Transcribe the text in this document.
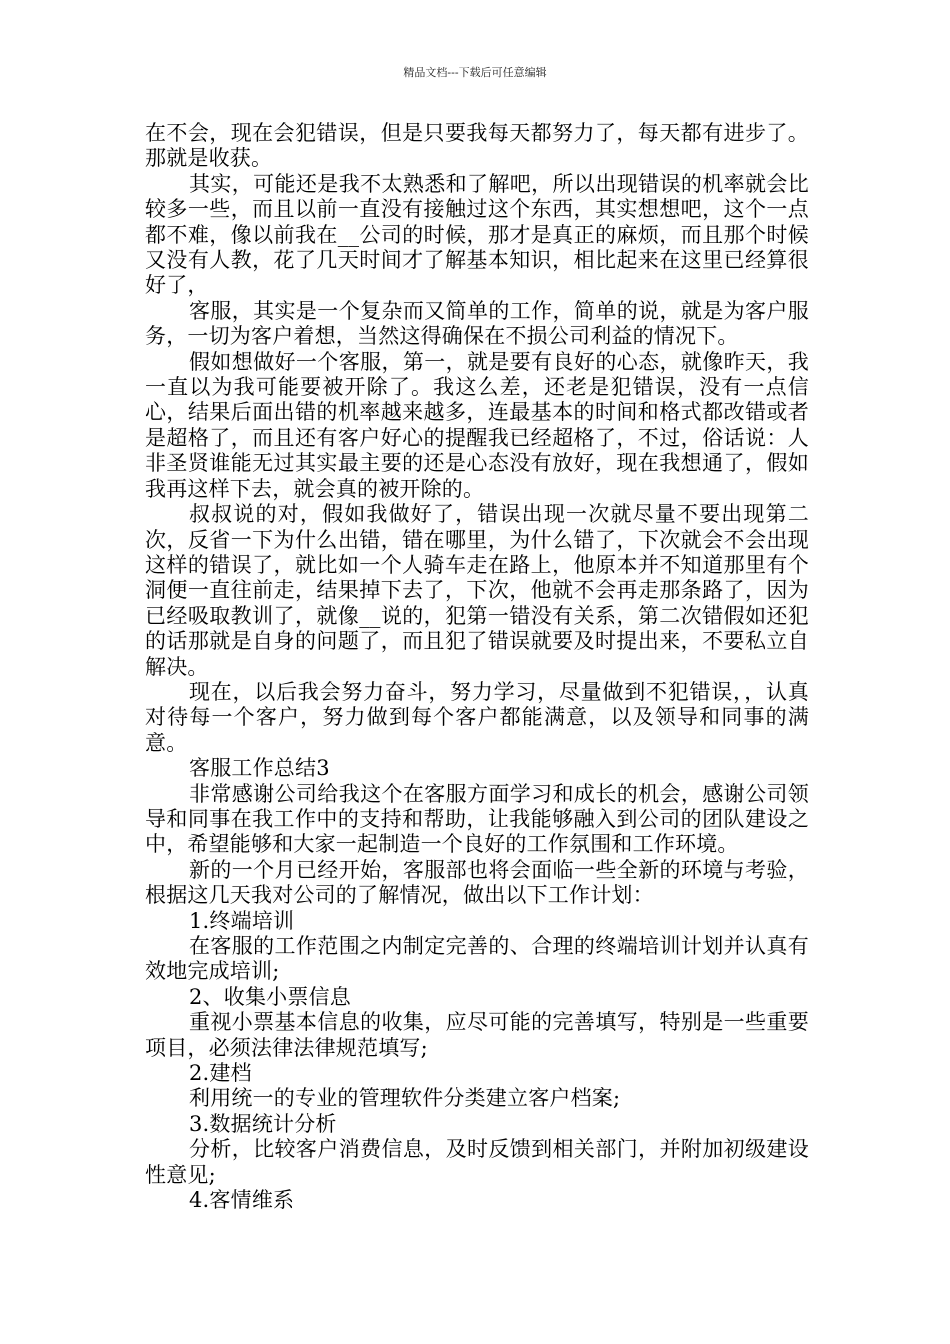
精品文档---下载后可任意编辑

在不会，现在会犯错误，但是只要我每天都努力了，每天都有进步了。那就是收获。

其实，可能还是我不太熟悉和了解吧，所以出现错误的机率就会比较多一些，而且以前一直没有接触过这个东西，其实想想吧，这个一点都不难，像以前我在__公司的时候，那才是真正的麻烦，而且那个时候又没有人教，花了几天时间才了解基本知识，相比起来在这里已经算很好了，

客服，其实是一个复杂而又简单的工作，简单的说，就是为客户服务，一切为客户着想，当然这得确保在不损公司利益的情况下。

假如想做好一个客服，第一，就是要有良好的心态，就像昨天，我一直以为我可能要被开除了。我这么差，还老是犯错误，没有一点信心，结果后面出错的机率越来越多，连最基本的时间和格式都改错或者是超格了，而且还有客户好心的提醒我已经超格了，不过，俗话说：人非圣贤谁能无过其实最主要的还是心态没有放好，现在我想通了，假如我再这样下去，就会真的被开除的。

叔叔说的对，假如我做好了，错误出现一次就尽量不要出现第二次，反省一下为什么出错，错在哪里，为什么错了，下次就会不会出现这样的错误了，就比如一个人骑车走在路上，他原本并不知道那里有个洞便一直往前走，结果掉下去了，下次，他就不会再走那条路了，因为已经吸取教训了，就像__说的，犯第一错没有关系，第二次错假如还犯的话那就是自身的问题了，而且犯了错误就要及时提出来，不要私立自解决。

现在，以后我会努力奋斗，努力学习，尽量做到不犯错误，，认真对待每一个客户，努力做到每个客户都能满意，以及领导和同事的满意。

客服工作总结3

非常感谢公司给我这个在客服方面学习和成长的机会，感谢公司领导和同事在我工作中的支持和帮助，让我能够融入到公司的团队建设之中，希望能够和大家一起制造一个良好的工作氛围和工作环境。

新的一个月已经开始，客服部也将会面临一些全新的环境与考验，根据这几天我对公司的了解情况，做出以下工作计划：

1.终端培训

在客服的工作范围之内制定完善的、合理的终端培训计划并认真有效地完成培训;

2、收集小票信息

重视小票基本信息的收集，应尽可能的完善填写，特别是一些重要项目，必须法律法律规范填写;

2.建档

利用统一的专业的管理软件分类建立客户档案;

3.数据统计分析

分析，比较客户消费信息，及时反馈到相关部门，并附加初级建设性意见;

4.客情维系
